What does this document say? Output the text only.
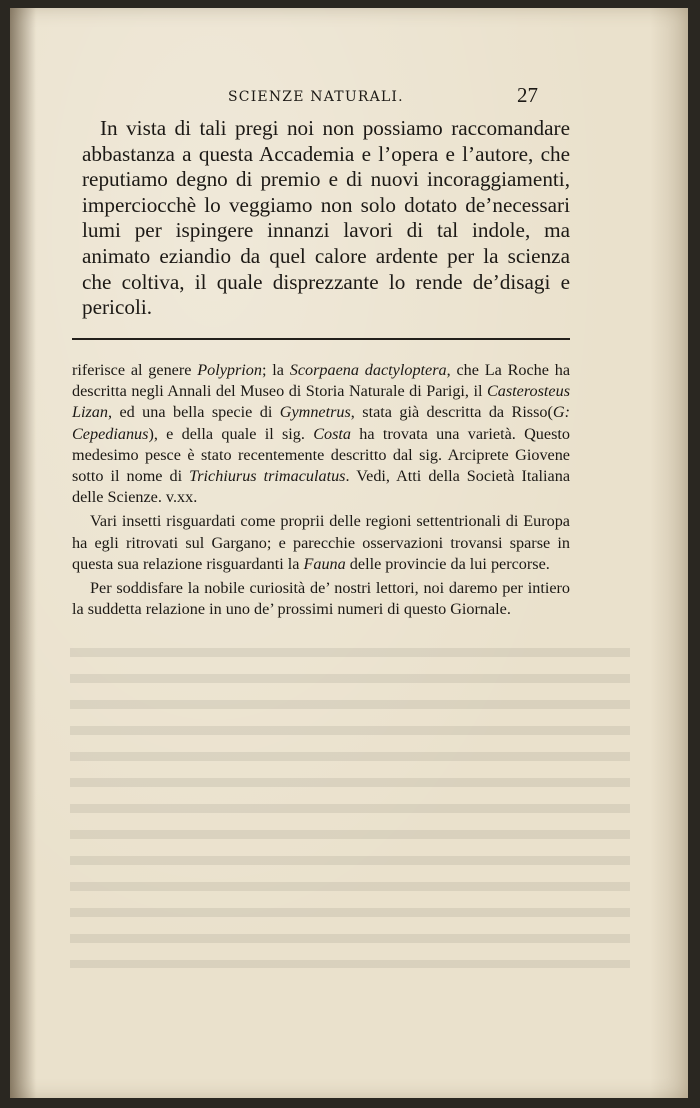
SCIENZE NATURALI.	27

In vista di tali pregi noi non possiamo raccomandare abbastanza a questa Accademia e l’opera e l’autore, che reputiamo degno di premio e di nuovi incoraggiamenti, imperciocchè lo veggiamo non solo dotato de’necessari lumi per ispingere innanzi lavori di tal indole, ma animato eziandio da quel calore ardente per la scienza che coltiva, il quale disprezzante lo rende de’disagi e pericoli.

riferisce al genere Polyprion; la Scorpaena dactyloptera, che La Roche ha descritta negli Annali del Museo di Storia Naturale di Parigi, il Casterosteus Lizan, ed una bella specie di Gymnetrus, stata già descritta da Risso(G: Cepedianus), e della quale il sig. Costa ha trovata una varietà. Questo medesimo pesce è stato recentemente descritto dal sig. Arciprete Giovene sotto il nome di Trichiurus trimaculatus. Vedi, Atti della Società Italiana delle Scienze. v.xx.

Vari insetti risguardati come proprii delle regioni settentrionali di Europa ha egli ritrovati sul Gargano; e parecchie osservazioni trovansi sparse in questa sua relazione risguardanti la Fauna delle provincie da lui percorse.

Per soddisfare la nobile curiosità de’ nostri lettori, noi daremo per intiero la suddetta relazione in uno de’ prossimi numeri di questo Giornale.
